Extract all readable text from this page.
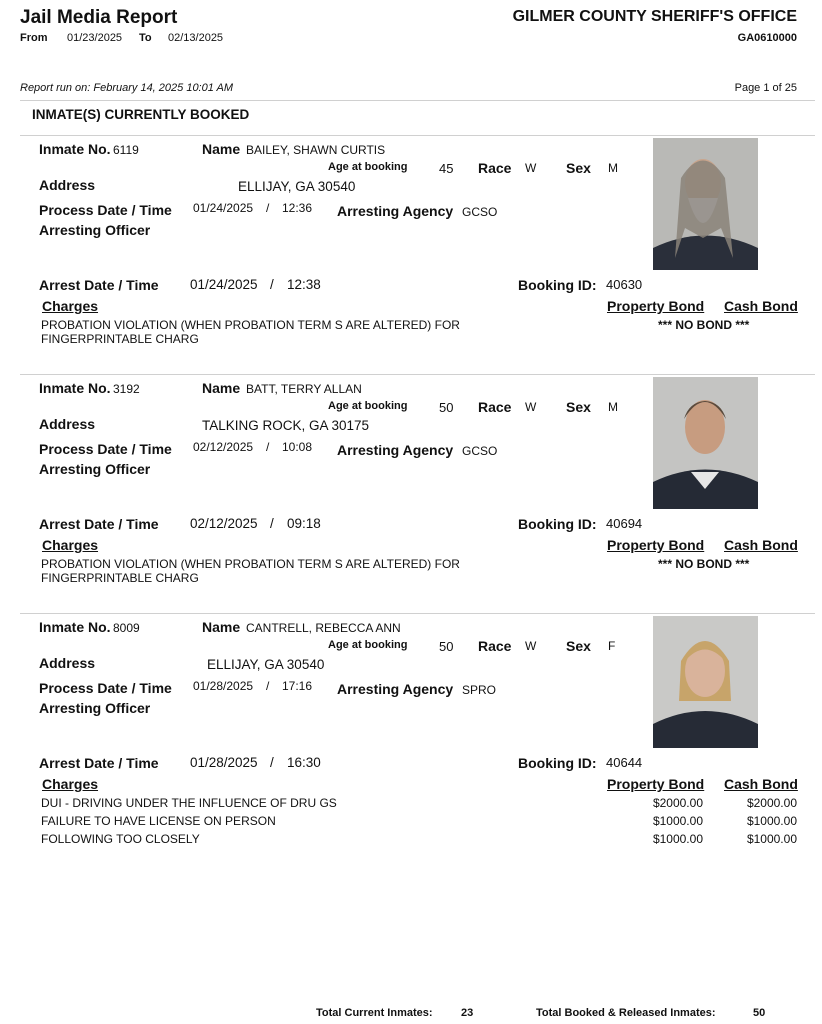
Jail Media Report
From 01/23/2025 To 02/13/2025
GILMER COUNTY SHERIFF'S OFFICE
GA0610000
Report run on: February 14, 2025 10:01 AM	Page 1 of 25
INMATE(S) CURRENTLY BOOKED
Inmate No. 6119	Name BAILEY, SHAWN CURTIS
Age at booking 45 Race W Sex M
Address	ELLIJAY, GA 30540
Process Date / Time 01/24/2025 / 12:36 Arresting Agency GCSO
Arresting Officer
Arrest Date / Time 01/24/2025 / 12:38	Booking ID: 40630
Charges	Property Bond Cash Bond
PROBATION VIOLATION (WHEN PROBATION TERM S ARE ALTERED) FOR
FINGERPRINTABLE CHARG
*** NO BOND ***
Inmate No. 3192	Name BATT, TERRY ALLAN
Age at booking 50 Race W Sex M
Address	TALKING ROCK, GA 30175
Process Date / Time 02/12/2025 / 10:08 Arresting Agency GCSO
Arresting Officer
Arrest Date / Time 02/12/2025 / 09:18	Booking ID: 40694
Charges	Property Bond Cash Bond
PROBATION VIOLATION (WHEN PROBATION TERM S ARE ALTERED) FOR
FINGERPRINTABLE CHARG
*** NO BOND ***
Inmate No. 8009	Name CANTRELL, REBECCA ANN
Age at booking 50 Race W Sex F
Address	ELLIJAY, GA 30540
Process Date / Time 01/28/2025 / 17:16 Arresting Agency SPRO
Arresting Officer
Arrest Date / Time 01/28/2025 / 16:30	Booking ID: 40644
Charges	Property Bond Cash Bond
DUI - DRIVING UNDER THE INFLUENCE OF DRU GS	$2000.00	$2000.00
FAILURE TO HAVE LICENSE ON PERSON	$1000.00	$1000.00
FOLLOWING TOO CLOSELY	$1000.00	$1000.00
Total Current Inmates:	23	Total Booked & Released Inmates:	50
